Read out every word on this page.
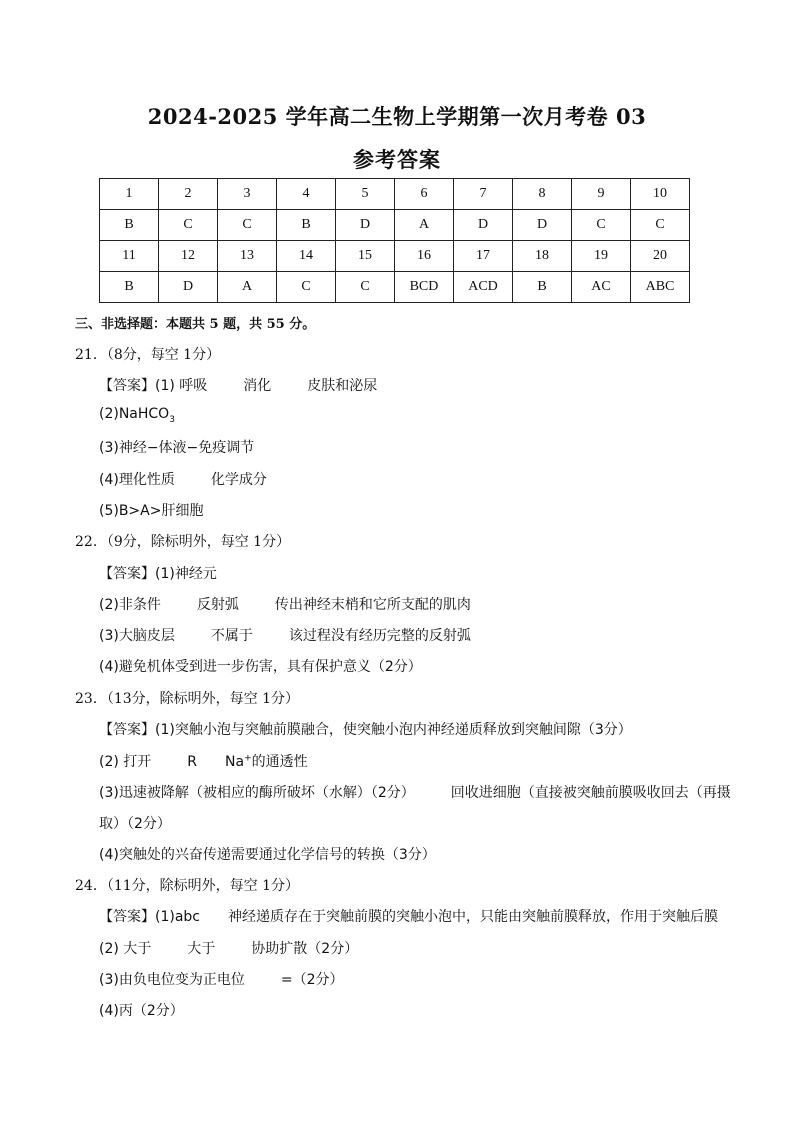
2024-2025 学年高二生物上学期第一次月考卷 03
参考答案
1	2	3	4	5	6	7	8	9	10
B	C	C	B	D	A	D	D	C	C
11	12	13	14	15	16	17	18	19	20
B	D	A	C	C	BCD	ACD	B	AC	ABC
三、非选择题：本题共 5 题，共 55 分。
21．（8分，每空 1分）
【答案】(1) 呼吸	消化	皮肤和泌尿
(2)NaHCO$_3$
(3)神经−体液−免疫调节
(4)理化性质	化学成分
(5)B>A>肝细胞
22．（9分，除标明外，每空 1分）
【答案】(1)神经元
(2)非条件	反射弧	传出神经末梢和它所支配的肌肉
(3)大脑皮层	不属于	该过程没有经历完整的反射弧
(4)避免机体受到进一步伤害，具有保护意义（2分）
23．（13分，除标明外，每空 1分）
【答案】(1)突触小泡与突触前膜融合，使突触小泡内神经递质释放到突触间隙（3分）
(2) 打开	R Na+的通透性
(3)迅速被降解（被相应的酶所破坏（水解）（2分）	回收进细胞（直接被突触前膜吸收回去（再摄
取）（2分）
(4)突触处的兴奋传递需要通过化学信号的转换（3分）
24．（11分，除标明外，每空 1分）
【答案】(1)abc 神经递质存在于突触前膜的突触小泡中，只能由突触前膜释放，作用于突触后膜
(2) 大于	大于	协助扩散（2分）
(3)由负电位变为正电位	=（2分）
(4)丙（2分）
